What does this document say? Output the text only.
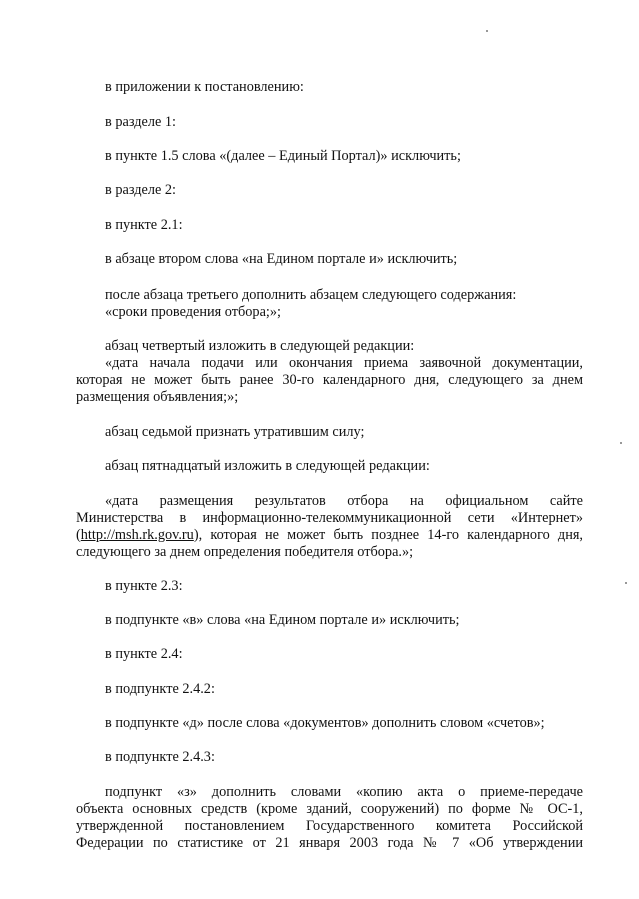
в приложении к постановлению:
в разделе 1:
в пункте 1.5 слова «(далее – Единый Портал)» исключить;
в разделе 2:
в пункте 2.1:
в абзаце втором слова «на Едином портале и» исключить;
после абзаца третьего дополнить абзацем следующего содержания:
«сроки проведения отбора;»;
абзац четвертый изложить в следующей редакции:
«дата начала подачи или окончания приема заявочной документации,
которая не может быть ранее 30-го календарного дня, следующего за днем
размещения объявления;»;
абзац седьмой признать утратившим силу;
абзац пятнадцатый изложить в следующей редакции:
«дата размещения результатов отбора на официальном сайте
Министерства в информационно-телекоммуникационной сети «Интернет»
(http://msh.rk.gov.ru), которая не может быть позднее 14-го календарного дня,
следующего за днем определения победителя отбора.»;
в пункте 2.3:
в подпункте «в» слова «на Едином портале и» исключить;
в пункте 2.4:
в подпункте 2.4.2:
в подпункте «д» после слова «документов» дополнить словом «счетов»;
в подпункте 2.4.3:
подпункт «з» дополнить словами «копию акта о приеме-передаче
объекта основных средств (кроме зданий, сооружений) по форме № ОС-1,
утвержденной постановлением Государственного комитета Российской
Федерации по статистике от 21 января 2003 года № 7 «Об утверждении
